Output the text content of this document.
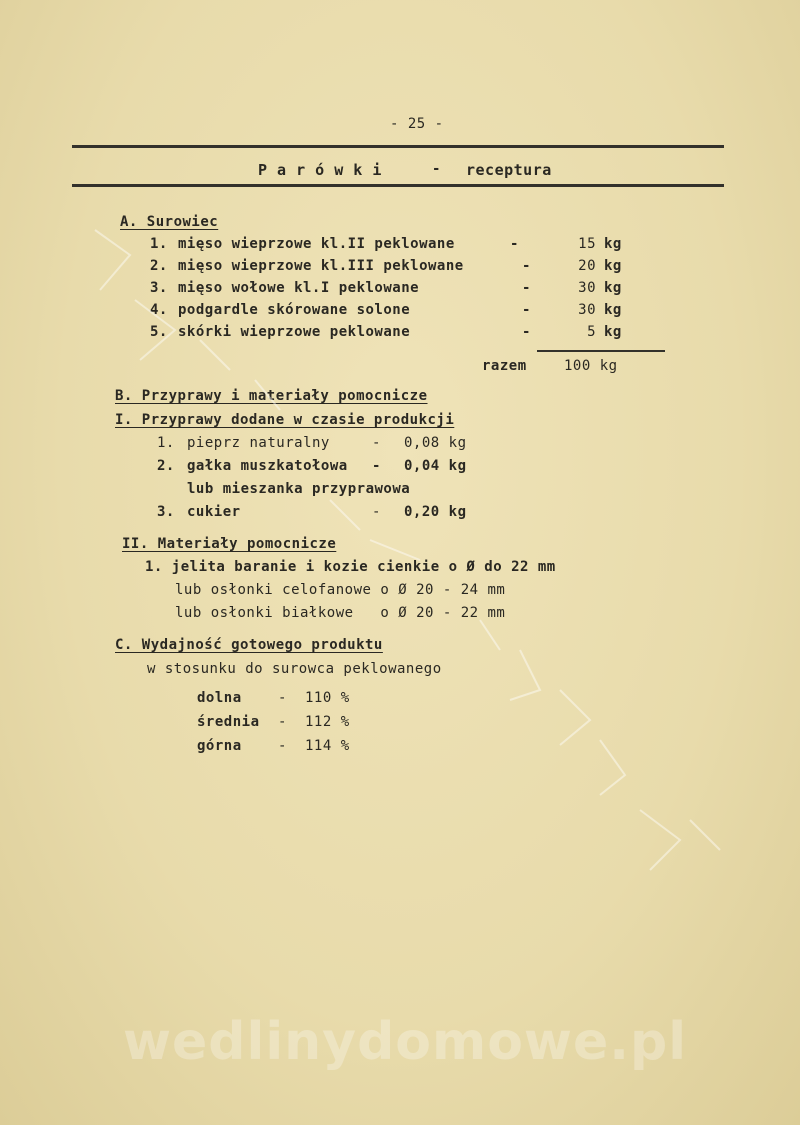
- 25 -
P a r ó w k i	- receptura
A. Surowiec
1. mięso wieprzowe kl.II peklowane	-	15 kg
2. mięso wieprzowe kl.III peklowane	-	20 kg
3. mięso wołowe kl.I peklowane	-	30 kg
4. podgardle skórowane solone	-	30 kg
5. skórki wieprzowe peklowane	-	5 kg
razem	100 kg
B. Przyprawy i materiały pomocnicze
I. Przyprawy dodane w czasie produkcji
1. pieprz naturalny	- 0,08 kg
2. gałka muszkatołowa - 0,04 kg
lub mieszanka przyprawowa
3. cukier	- 0,20 kg
II. Materiały pomocnicze
1. jelita baranie i kozie cienkie o Ø do 22 mm
lub osłonki celofanowe o Ø 20 - 24 mm
lub osłonki białkowe   o Ø 20 - 22 mm
C. Wydajność gotowego produktu
w stosunku do surowca peklowanego
dolna	- 110 %
średnia - 112 %
górna	- 114 %
wedlinydomowe.pl
